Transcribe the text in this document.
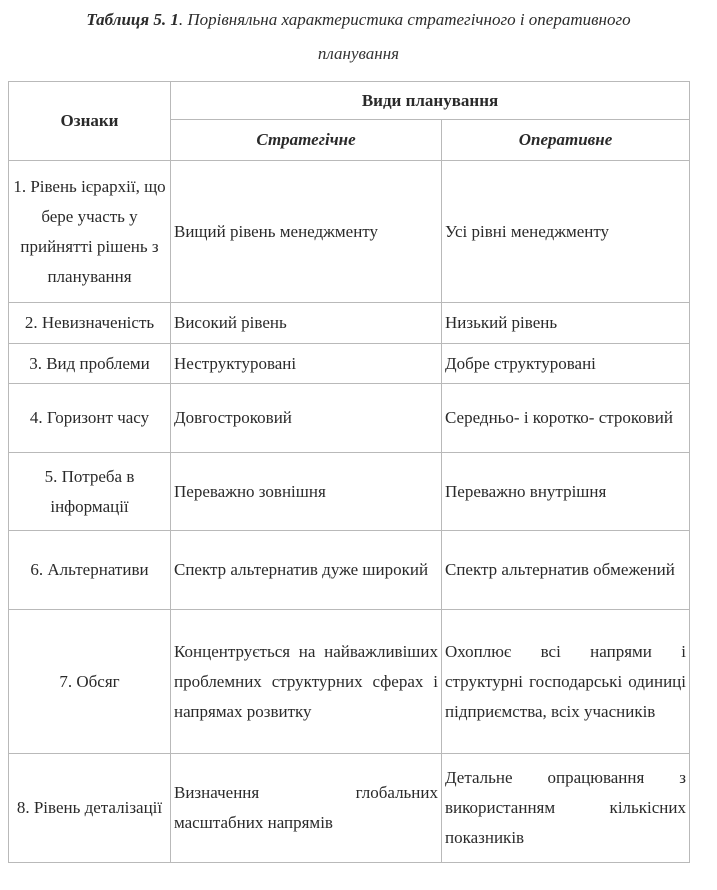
Таблиця 5. 1. Порівняльна характеристика стратегічного і оперативного
планування
Ознаки	Види планування	
	Стратегічне	Оперативне
1. Рівень ієрархії, що бере участь у прийнятті рішень з планування	Вищий рівень менеджменту	Усі рівні менеджменту
2. Невизначеність	Високий рівень	Низький рівень
3. Вид проблеми	Неструктуровані	Добре структуровані
4. Горизонт часу	Довгостроковий	Середньо- і коротко- строковий
5. Потреба в інформації	Переважно зовнішня	Переважно внутрішня
6. Альтернативи	Спектр альтернатив дуже широкий	Спектр альтернатив обмежений
7. Обсяг	Концентрується на найважливіших проблемних структурних сферах і напрямах розвитку	Охоплює всі напрями і структурні господарські одиниці підприємства, всіх учасників
8. Рівень деталізації	Визначення глобальних масштабних напрямів	Детальне опрацювання з використанням кількісних показників
